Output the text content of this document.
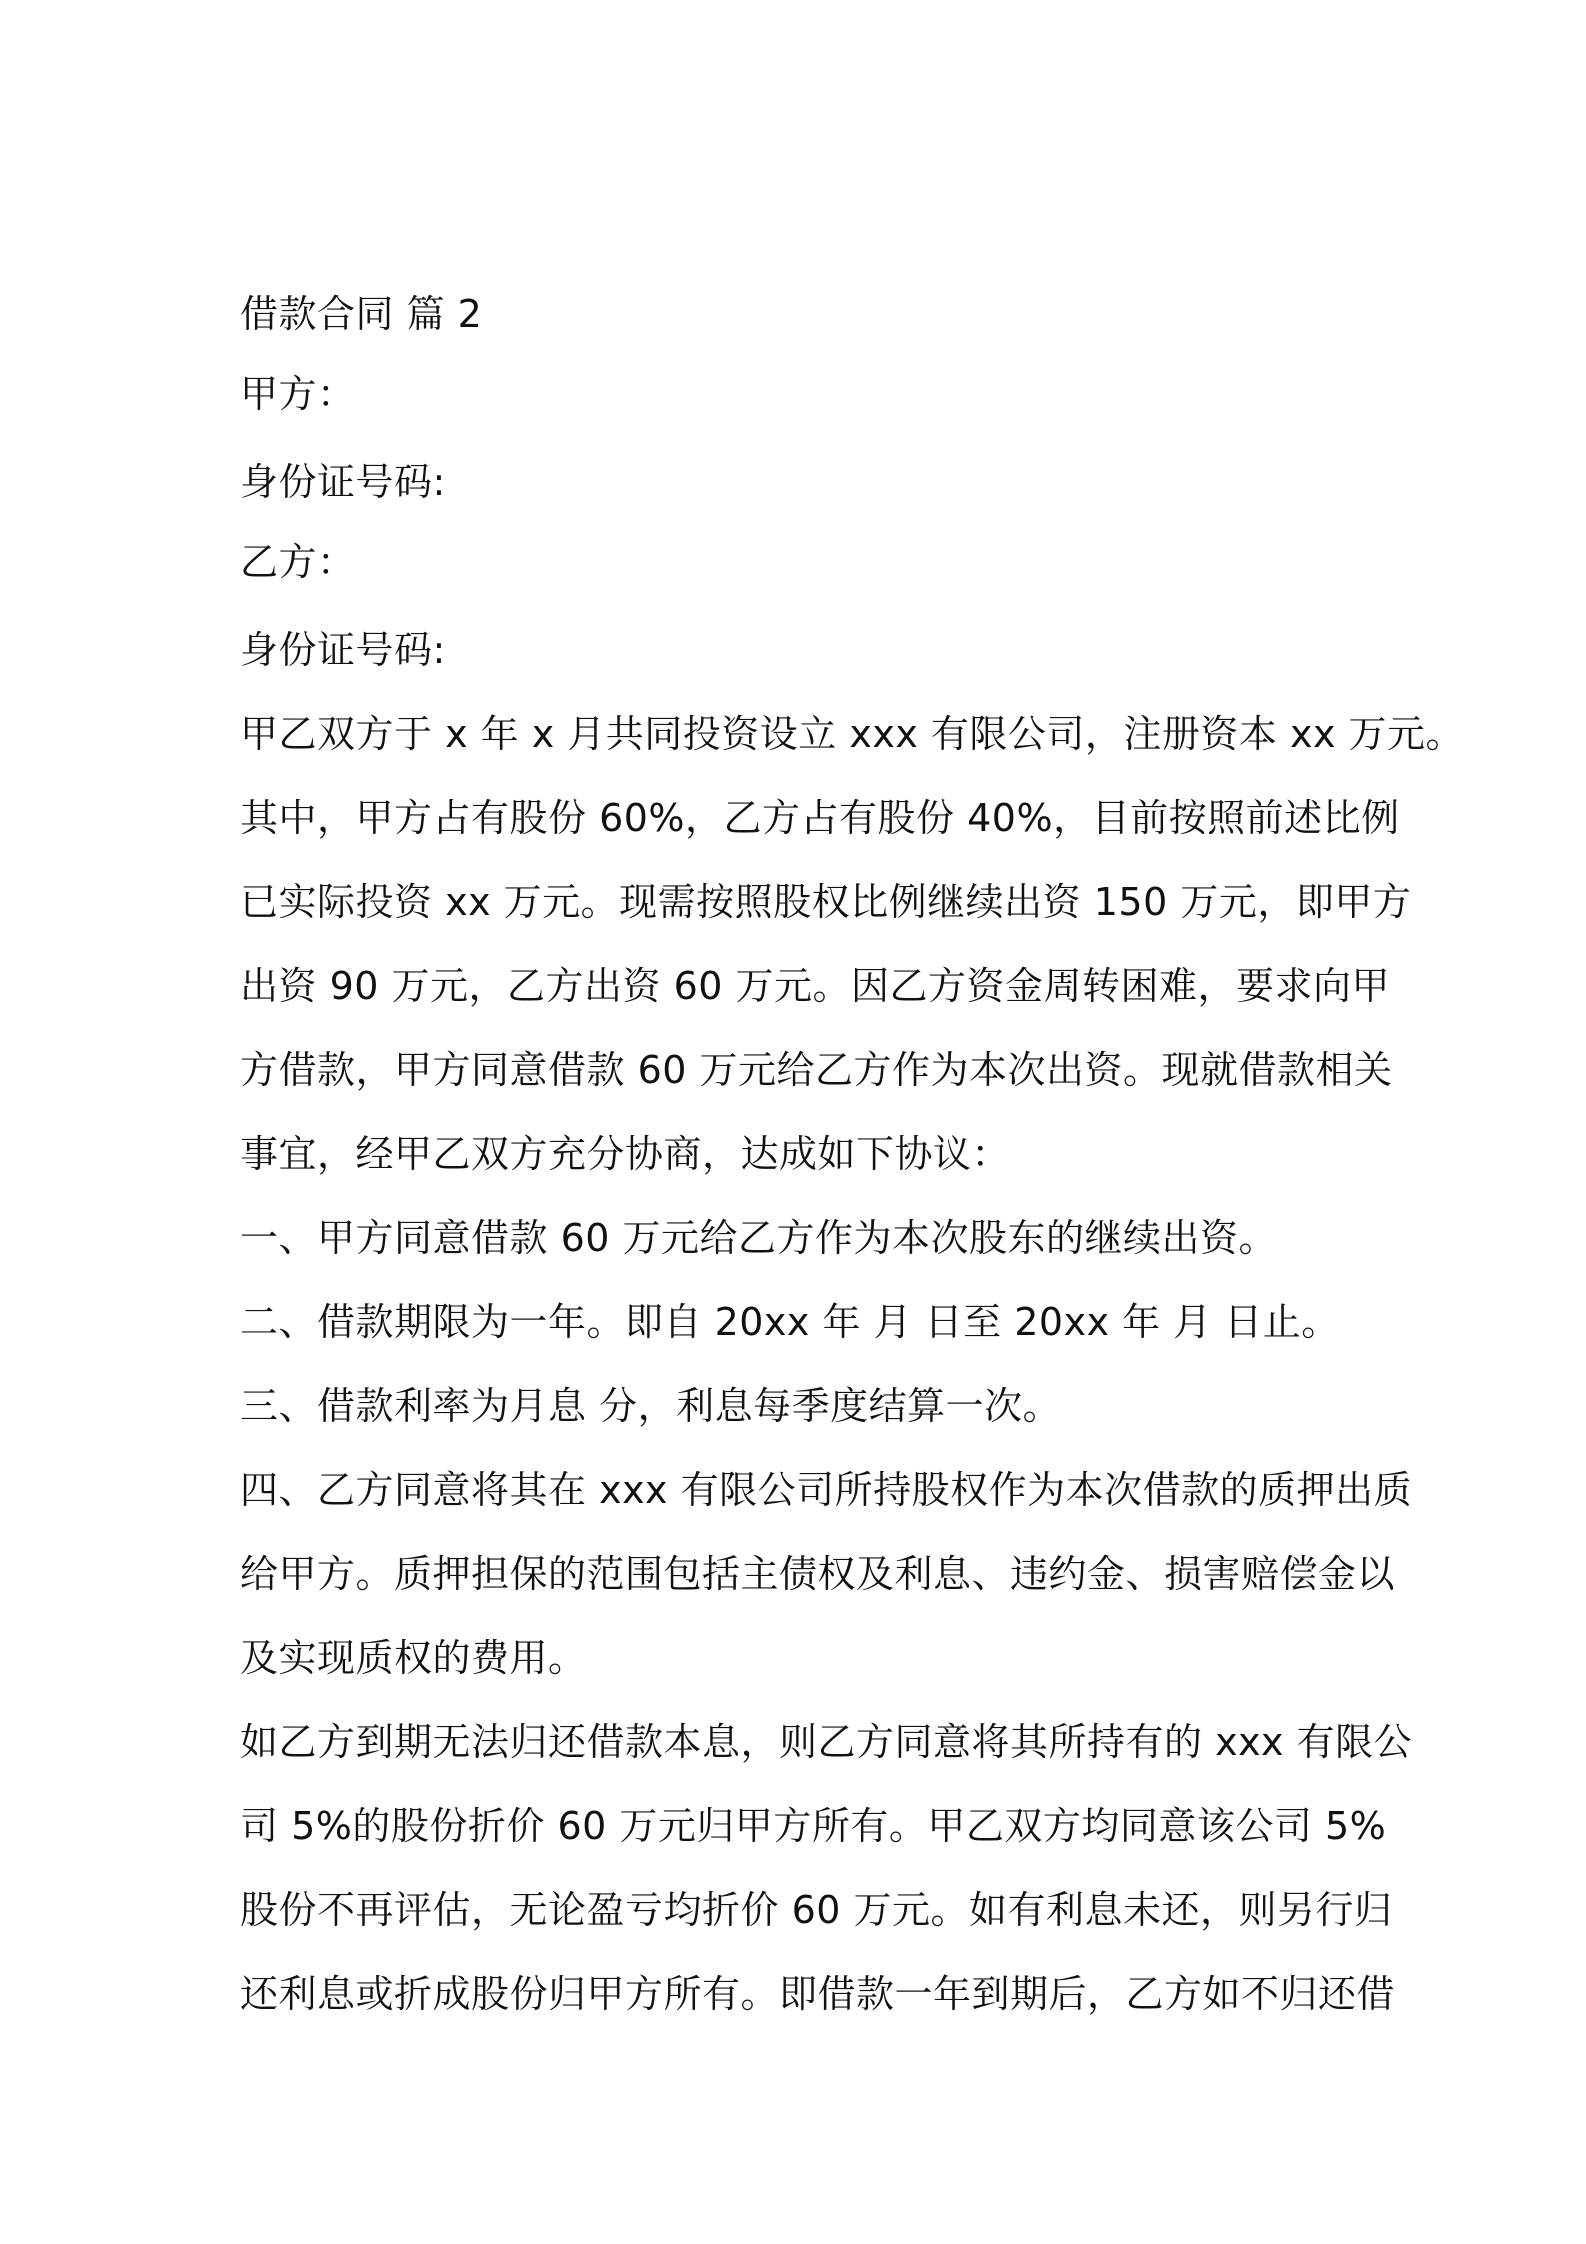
借款合同 篇 2
甲方：
身份证号码:
乙方：
身份证号码:
甲乙双方于 x 年 x 月共同投资设立 xxx 有限公司，注册资本 xx 万元。
其中，甲方占有股份 60%，乙方占有股份 40%，目前按照前述比例
已实际投资 xx 万元。现需按照股权比例继续出资 150 万元，即甲方
出资 90 万元，乙方出资 60 万元。因乙方资金周转困难，要求向甲
方借款，甲方同意借款 60 万元给乙方作为本次出资。现就借款相关
事宜，经甲乙双方充分协商，达成如下协议：
一、甲方同意借款 60 万元给乙方作为本次股东的继续出资。
二、借款期限为一年。即自 20xx 年 月 日至 20xx 年 月 日止。
三、借款利率为月息 分，利息每季度结算一次。
四、乙方同意将其在 xxx 有限公司所持股权作为本次借款的质押出质
给甲方。质押担保的范围包括主债权及利息、违约金、损害赔偿金以
及实现质权的费用。
如乙方到期无法归还借款本息，则乙方同意将其所持有的 xxx 有限公
司 5%的股份折价 60 万元归甲方所有。甲乙双方均同意该公司 5%
股份不再评估，无论盈亏均折价 60 万元。如有利息未还，则另行归
还利息或折成股份归甲方所有。即借款一年到期后，乙方如不归还借
